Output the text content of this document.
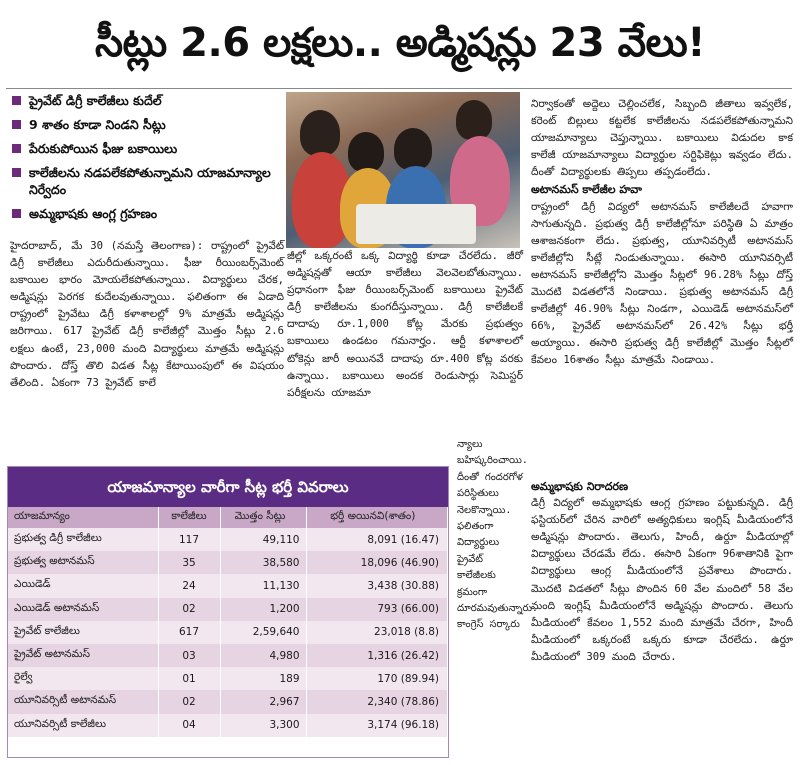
సీట్లు 2.6 లక్షలు.. అడ్మిషన్లు 23 వేలు!
ప్రైవేట్ డిగ్రీ కాలేజీలు కుదేల్
9 శాతం కూడా నిండని సీట్లు
పేరుకుపోయిన ఫీజు బకాయిలు
కాలేజీలను నడపలేకపోతున్నామని యాజమాన్యాల నిర్వేదం
అమ్మభాషకు ఆంగ్ల గ్రహణం

హైదరాబాద్, మే 30 (నమస్తే తెలంగాణ): రాష్ట్రంలో ప్రైవేట్ డిగ్రీ కాలేజీలు ఎదురీదుతున్నాయి. ఫీజు రీయింబర్స్‌మెంట్ బకాయిల భారం మోయలేకపోతున్నాయి. విద్యార్థులు చేరక, అడ్మిషన్లు పెరగక కుదేలవుతున్నాయి. ఫలితంగా ఈ ఏడాది రాష్ట్రంలో ప్రైవేటు డిగ్రీ కళాశాలల్లో 9% మాత్రమే అడ్మిషన్లు జరిగాయి. 617 ప్రైవేట్ డిగ్రీ కాలేజీల్లో మొత్తం సీట్లు 2.6 లక్షలు ఉంటే, 23,000 మంది విద్యార్థులు మాత్రమే అడ్మిషన్లు పొందారు. దోస్త్ తొలి విడత సీట్ల కేటాయింపులో ఈ విషయం తేలింది. ఏకంగా 73 ప్రైవేట్ కాలే

జీల్లో ఒక్కరంటే ఒక్క విద్యార్థి కూడా చేరలేదు. జీరో అడ్మిషన్లతో ఆయా కాలేజీలు వెలవెలబోతున్నాయి. ప్రధానంగా ఫీజు రీయింబర్స్‌మెంట్ బకాయిలు ప్రైవేట్ డిగ్రీ కాలేజీలను కుంగదీస్తున్నాయి. డిగ్రీ కాలేజీలకే దాదాపు రూ.1,000 కోట్ల మేరకు ప్రభుత్వం బకాయిలు ఉండటం గమనార్హం. ఆర్టీ కళాశాలలో టోకెన్లు జారీ అయినవే దాదాపు రూ.400 కోట్ల వరకు ఉన్నాయి. బకాయిలు అందక రెండుసార్లు సెమిస్టర్ పరీక్షలను యాజమా

న్యాలు బహిష్కరించాయి. దీంతో గందరగోళ పరిస్థితులు నెలకొన్నాయి. ఫలితంగా విద్యార్థులు ప్రైవేట్ కాలేజీలకు క్రమంగా దూరమవుతున్నారు. కాంగ్రెస్ సర్కారు

నిర్వాకంతో అద్దెలు చెల్లించలేక, సిబ్బంది జీతాలు ఇవ్వలేక, కరెంట్ బిల్లులు కట్టలేక కాలేజీలను నడపలేకపోతున్నామని యాజమాన్యాలు చెప్తున్నాయి. బకాయిలు విడుదల కాక కాలేజీ యాజమాన్యాలు విద్యార్థుల సర్టిఫికెట్లు ఇవ్వడం లేదు. దీంతో విద్యార్థులకు తిప్పలు తప్పడంలేదు.

అటానమస్ కాలేజీల హవా

రాష్ట్రంలో డిగ్రీ విద్యలో అటానమస్ కాలేజీలదే హవాగా సాగుతున్నది. ప్రభుత్వ డిగ్రీ కాలేజీల్లోనూ పరిస్థితి ఏ మాత్రం ఆశాజనకంగా లేదు. ప్రభుత్వ, యూనివర్సిటీ అటానమస్ కాలేజీల్లోని సీట్లే నిండుతున్నాయి. ఈసారి యూనివర్సిటీ అటానమస్ కాలేజీల్లోని మొత్తం సీట్లలో 96.28% సీట్లు దోస్త్ మొదటి విడతలోనే నిండాయి. ప్రభుత్వ అటానమస్ డిగ్రీ కాలేజీల్లో 46.90% సీట్లు నిండగా, ఎయిడెడ్ అటానమస్‌లో 66%, ప్రైవేట్ అటానమస్‌లో 26.42% సీట్లు భర్తీ అయ్యాయి. ఈసారి ప్రభుత్వ డిగ్రీ కాలేజీల్లో మొత్తం సీట్లలో కేవలం 16శాతం సీట్లు మాత్రమే నిండాయి.

అమ్మభాషకు నిరాదరణ

డిగ్రీ విద్యలో అమ్మభాషకు ఆంగ్ల గ్రహణం పట్టుకున్నది. డిగ్రీ ఫస్టియర్‌లో చేరిన వారిలో అత్యధికులు ఇంగ్లిష్ మీడియంలోనే అడ్మిషన్లు పొందారు. తెలుగు, హిందీ, ఉర్దూ మీడియాల్లో విద్యార్థులు చేరడమే లేదు. ఈసారి ఏకంగా 96శాతానికి పైగా విద్యార్థులు ఆంగ్ల మీడియంలోనే ప్రవేశాలు పొందారు. మొదటి విడతలో సీట్లు పొందిన 60 వేల మందిలో 58 వేల మంది ఇంగ్లిష్ మీడియంలోనే అడ్మిషన్లు పొందారు. తెలుగు మీడియంలో కేవలం 1,552 మంది మాత్రమే చేరగా, హిందీ మీడియంలో ఒక్కరంటే ఒక్కరు కూడా చేరలేదు. ఉర్దూ మీడియంలో 309 మంది చేరారు.

యాజమాన్యాల వారీగా సీట్ల భర్తీ వివరాలు
యాజమాన్యం	కాలేజీలు	మొత్తం సీట్లు	భర్తీ అయినవి(శాతం)
ప్రభుత్వ డిగ్రీ కాలేజీలు	117	49,110	8,091 (16.47)
ప్రభుత్వ అటానమస్	35	38,580	18,096 (46.90)
ఎయిడెడ్	24	11,130	3,438 (30.88)
ఎయిడెడ్ అటానమస్	02	1,200	793 (66.00)
ప్రైవేట్ కాలేజీలు	617	2,59,640	23,018 (8.8)
ప్రైవేట్ అటానమస్	03	4,980	1,316 (26.42)
రైల్వే	01	189	170 (89.94)
యూనివర్సిటీ అటానమస్	02	2,967	2,340 (78.86)
యూనివర్సిటీ కాలేజీలు	04	3,300	3,174 (96.18)
